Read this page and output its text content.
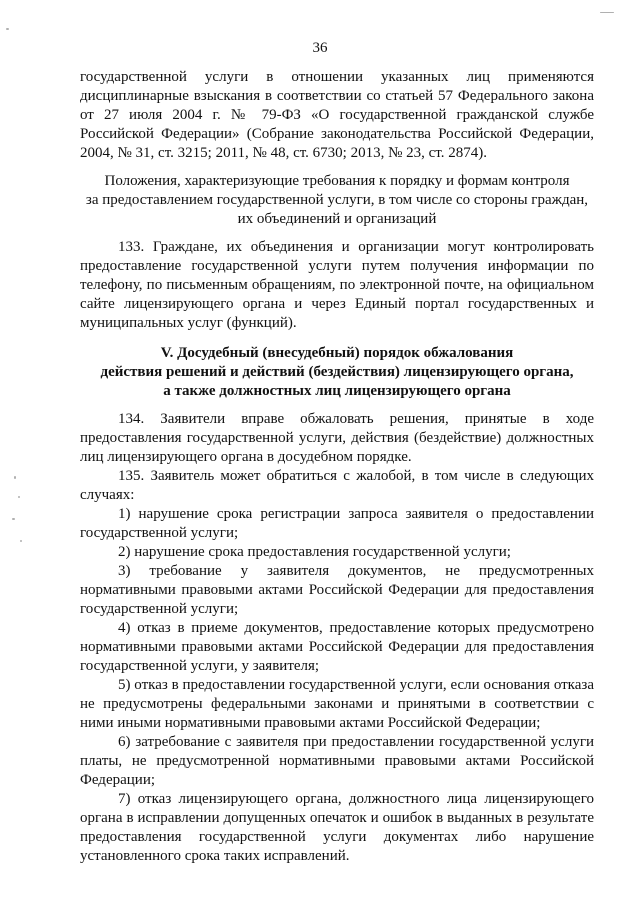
36

государственной услуги в отношении указанных лиц применяются дисциплинарные взыскания в соответствии со статьей 57 Федерального закона от 27 июля 2004 г. № 79-ФЗ «О государственной гражданской службе Российской Федерации» (Собрание законодательства Российской Федерации, 2004, № 31, ст. 3215; 2011, № 48, ст. 6730; 2013, № 23, ст. 2874).

Положения, характеризующие требования к порядку и формам контроля
за предоставлением государственной услуги, в том числе со стороны граждан,
их объединений и организаций

133. Граждане, их объединения и организации могут контролировать предоставление государственной услуги путем получения информации по телефону, по письменным обращениям, по электронной почте, на официальном сайте лицензирующего органа и через Единый портал государственных и муниципальных услуг (функций).

V. Досудебный (внесудебный) порядок обжалования
действия решений и действий (бездействия) лицензирующего органа,
а также должностных лиц лицензирующего органа

134. Заявители вправе обжаловать решения, принятые в ходе предоставления государственной услуги, действия (бездействие) должностных лиц лицензирующего органа в досудебном порядке.

135. Заявитель может обратиться с жалобой, в том числе в следующих случаях:

1) нарушение срока регистрации запроса заявителя о предоставлении государственной услуги;

2) нарушение срока предоставления государственной услуги;

3) требование у заявителя документов, не предусмотренных нормативными правовыми актами Российской Федерации для предоставления государственной услуги;

4) отказ в приеме документов, предоставление которых предусмотрено нормативными правовыми актами Российской Федерации для предоставления государственной услуги, у заявителя;

5) отказ в предоставлении государственной услуги, если основания отказа не предусмотрены федеральными законами и принятыми в соответствии с ними иными нормативными правовыми актами Российской Федерации;

6) затребование с заявителя при предоставлении государственной услуги платы, не предусмотренной нормативными правовыми актами Российской Федерации;

7) отказ лицензирующего органа, должностного лица лицензирующего органа в исправлении допущенных опечаток и ошибок в выданных в результате предоставления государственной услуги документах либо нарушение установленного срока таких исправлений.
